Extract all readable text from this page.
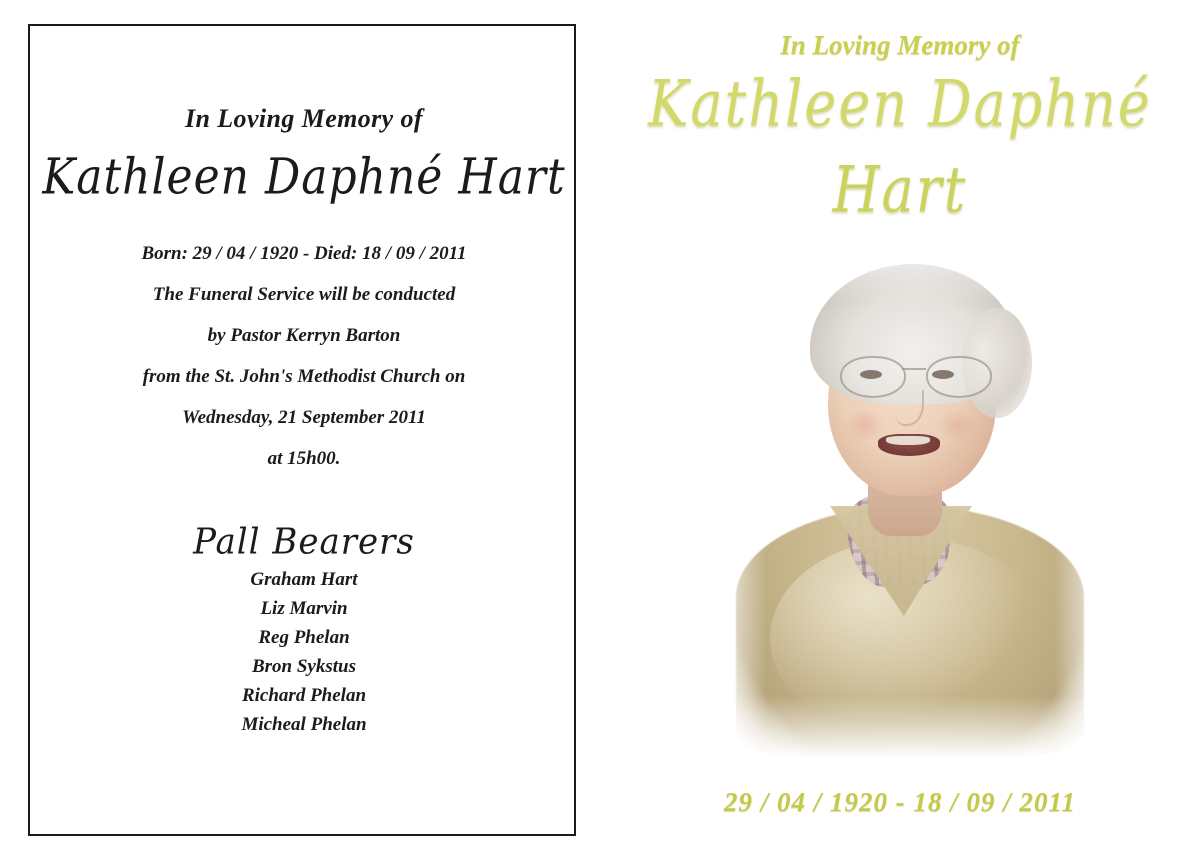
In Loving Memory of
Kathleen Daphné Hart
Born: 29 / 04 / 1920 - Died: 18 / 09 / 2011
The Funeral Service will be conducted
by Pastor Kerryn Barton
from the St. John's Methodist Church on
Wednesday, 21 September 2011
at 15h00.
Pall Bearers
Graham Hart
Liz Marvin
Reg Phelan
Bron Sykstus
Richard Phelan
Micheal Phelan
In Loving Memory of
Kathleen Daphné
Hart
29 / 04 / 1920 - 18 / 09 / 2011
